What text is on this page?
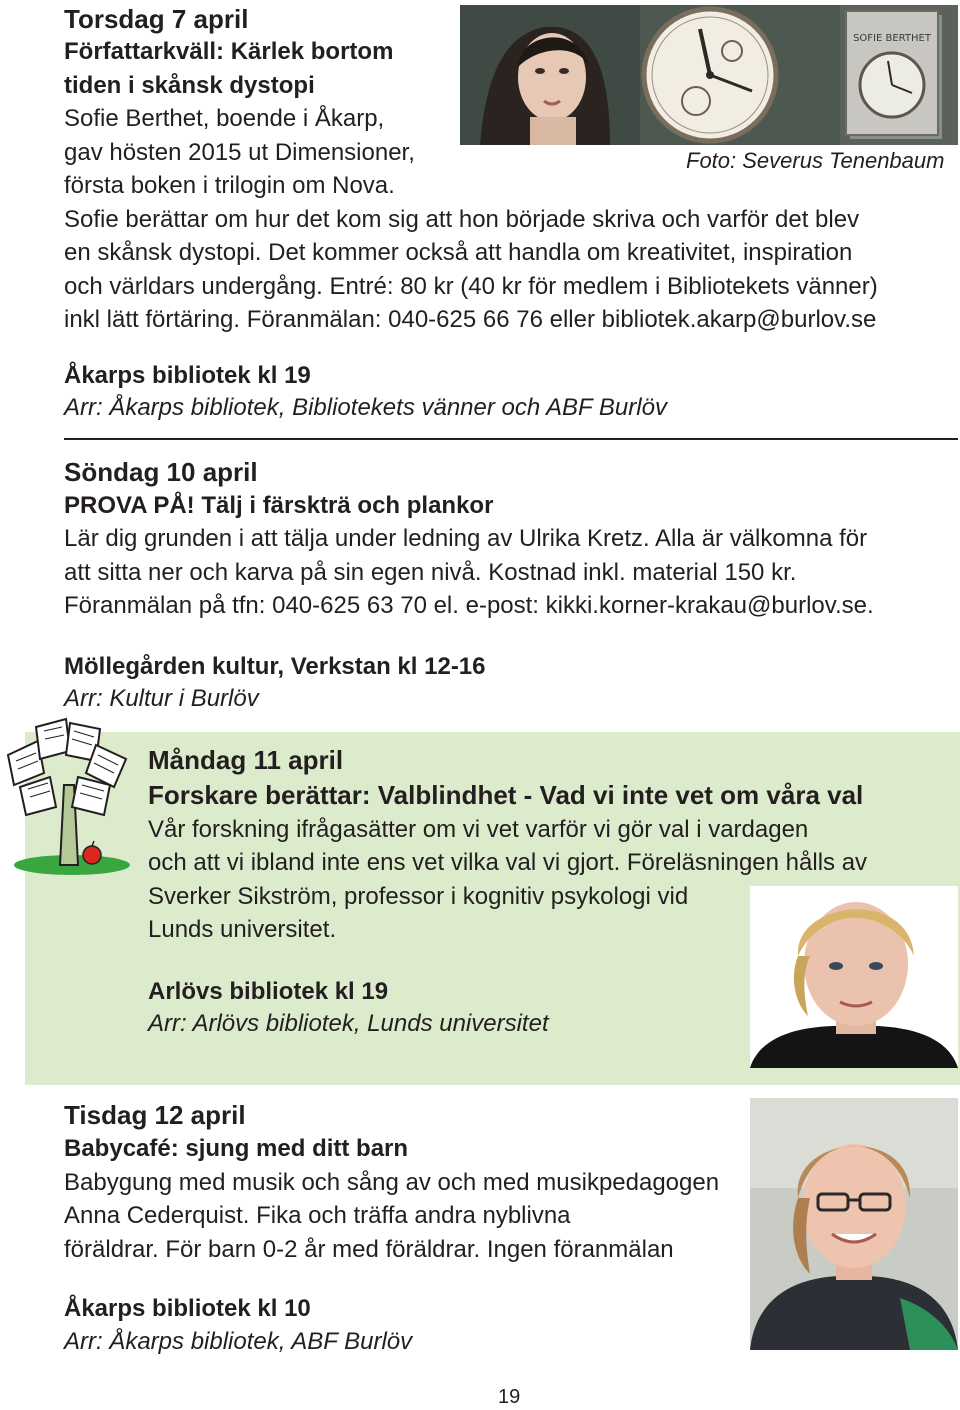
Torsdag 7 april
Författarkväll: Kärlek bortom
tiden i skånsk dystopi
Sofie Berthet, boende i Åkarp,
gav hösten 2015 ut Dimensioner,
första boken i trilogin om Nova.
Sofie berättar om hur det kom sig att hon började skriva och varför det blev
en skånsk dystopi. Det kommer också att handla om kreativitet, inspiration
och världars undergång. Entré: 80 kr (40 kr för medlem i Bibliotekets vänner)
inkl lätt förtäring. Föranmälan: 040-625 66 76 eller bibliotek.akarp@burlov.se
SOFIE BERTHET
Foto: Severus Tenenbaum
Åkarps bibliotek kl 19
Arr: Åkarps bibliotek, Bibliotekets vänner och ABF Burlöv
Söndag 10 april
PROVA PÅ! Tälj i färskträ och plankor
Lär dig grunden i att tälja under ledning av Ulrika Kretz. Alla är välkomna för
att sitta ner och karva på sin egen nivå. Kostnad inkl. material 150 kr.
Föranmälan på tfn: 040-625 63 70 el. e-post: kikki.korner-krakau@burlov.se.
Möllegården kultur, Verkstan kl 12-16
Arr: Kultur i Burlöv
Måndag 11 april
Forskare berättar: Valblindhet - Vad vi inte vet om våra val
Vår forskning ifrågasätter om vi vet varför vi gör val i vardagen
och att vi ibland inte ens vet vilka val vi gjort. Föreläsningen hålls av
Sverker Sikström, professor i kognitiv psykologi vid
Lunds universitet.
Arlövs bibliotek kl 19
Arr: Arlövs bibliotek, Lunds universitet
Tisdag 12 april
Babycafé: sjung med ditt barn
Babygung med musik och sång av och med musikpedagogen
Anna Cederquist. Fika och träffa andra nyblivna
föräldrar. För barn 0-2 år med föräldrar. Ingen föranmälan
Åkarps bibliotek kl 10
Arr: Åkarps bibliotek, ABF Burlöv
19
